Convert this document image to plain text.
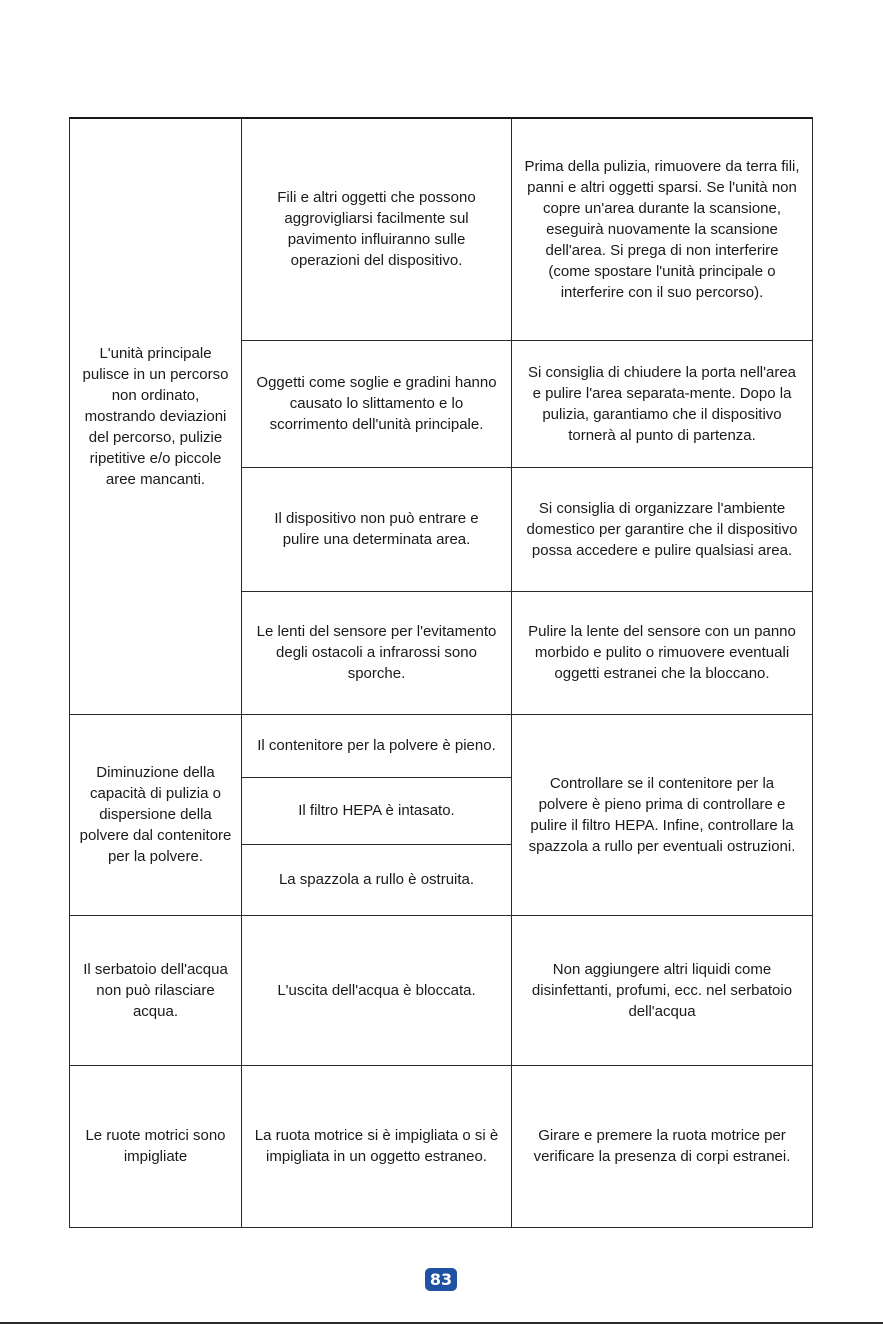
L'unità principale pulisce in un percorso non ordinato, mostrando deviazioni del percorso, pulizie ripetitive e/o piccole aree mancanti.	Fili e altri oggetti che possono aggrovigliarsi facilmente sul pavimento influiranno sulle operazioni del dispositivo.	Prima della pulizia, rimuovere da terra fili, panni e altri oggetti sparsi. Se l'unità non copre un'area durante la scansione, eseguirà nuovamente la scansione dell'area. Si prega di non interferire (come spostare l'unità principale o interferire con il suo percorso).
	Oggetti come soglie e gradini hanno causato lo slittamento e lo scorrimento dell'unità principale.	Si consiglia di chiudere la porta nell'area e pulire l'area separata-mente. Dopo la pulizia, garantiamo che il dispositivo tornerà al punto di partenza.
	Il dispositivo non può entrare e pulire una determinata area.	Si consiglia di organizzare l'ambiente domestico per garantire che il dispositivo possa accedere e pulire qualsiasi area.
	Le lenti del sensore per l'evitamento degli ostacoli a infrarossi sono sporche.	Pulire la lente del sensore con un panno morbido e pulito o rimuovere eventuali oggetti estranei che la bloccano.
Diminuzione della capacità di pulizia o dispersione della polvere dal contenitore per la polvere.	Il contenitore per la polvere è pieno.	Controllare se il contenitore per la polvere è pieno prima di controllare e pulire il filtro HEPA. Infine, controllare la spazzola a rullo per eventuali ostruzioni.
	Il filtro HEPA è intasato.	
	La spazzola a rullo è ostruita.	
Il serbatoio dell'acqua non può rilasciare acqua.	L'uscita dell'acqua è bloccata.	Non aggiungere altri liquidi come disinfettanti, profumi, ecc. nel serbatoio dell'acqua
Le ruote motrici sono impigliate	La ruota motrice si è impigliata o si è impigliata in un oggetto estraneo.	Girare e premere la ruota motrice per verificare la presenza di corpi estranei.
83
